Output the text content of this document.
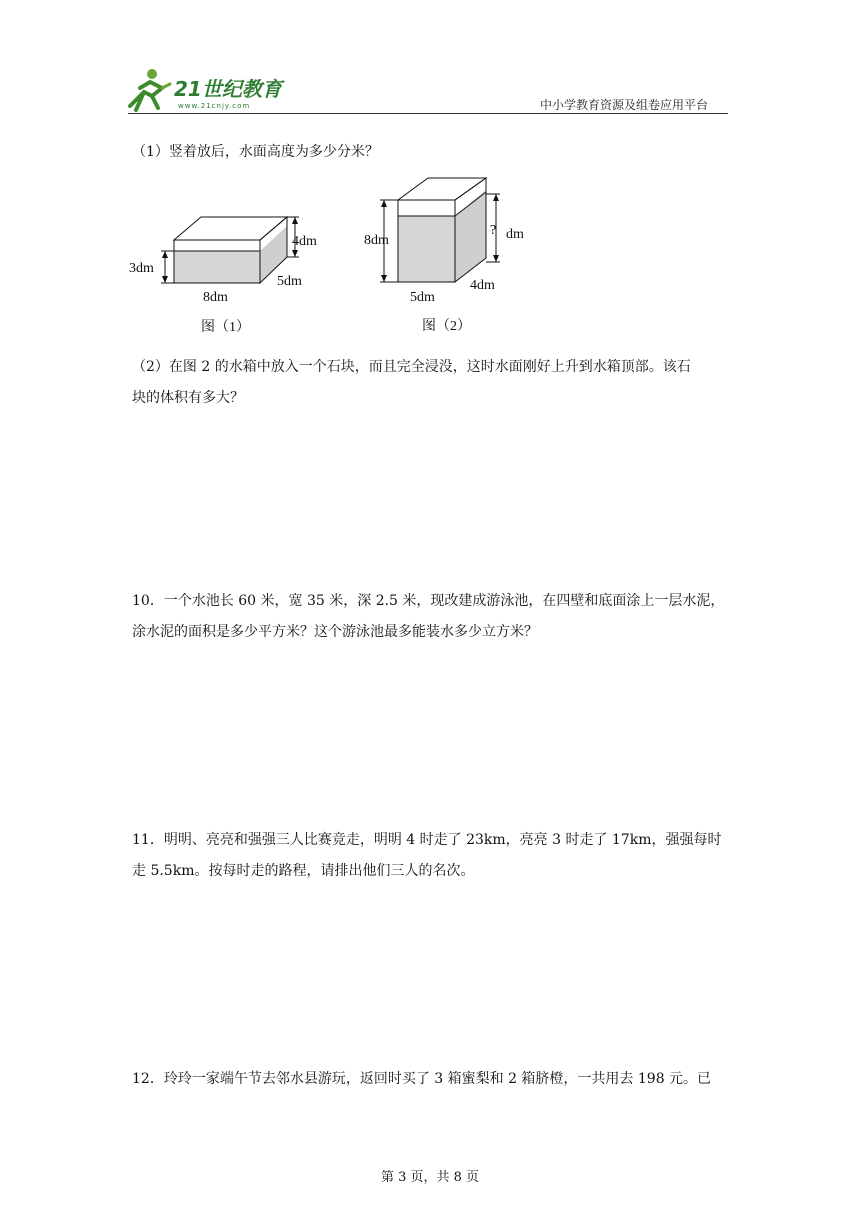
21世纪教育
www.21cnjy.com	中小学教育资源及组卷应用平台
（1）竖着放后，水面高度为多少分米？
3dm
4dm
5dm
8dm
图（1）
8dm
? dm
5dm
4dm
图（2）
（2）在图 2 的水箱中放入一个石块，而且完全浸没，这时水面刚好上升到水箱顶部。该石
块的体积有多大？
10．一个水池长 60 米，宽 35 米，深 2.5 米，现改建成游泳池，在四壁和底面涂上一层水泥，
涂水泥的面积是多少平方米？这个游泳池最多能装水多少立方米？
11．明明、亮亮和强强三人比赛竞走，明明 4 时走了 23km，亮亮 3 时走了 17km，强强每时
走 5.5km。按每时走的路程，请排出他们三人的名次。
12．玲玲一家端午节去邻水县游玩，返回时买了 3 箱蜜梨和 2 箱脐橙，一共用去 198 元。已
第 3 页，共 8 页
